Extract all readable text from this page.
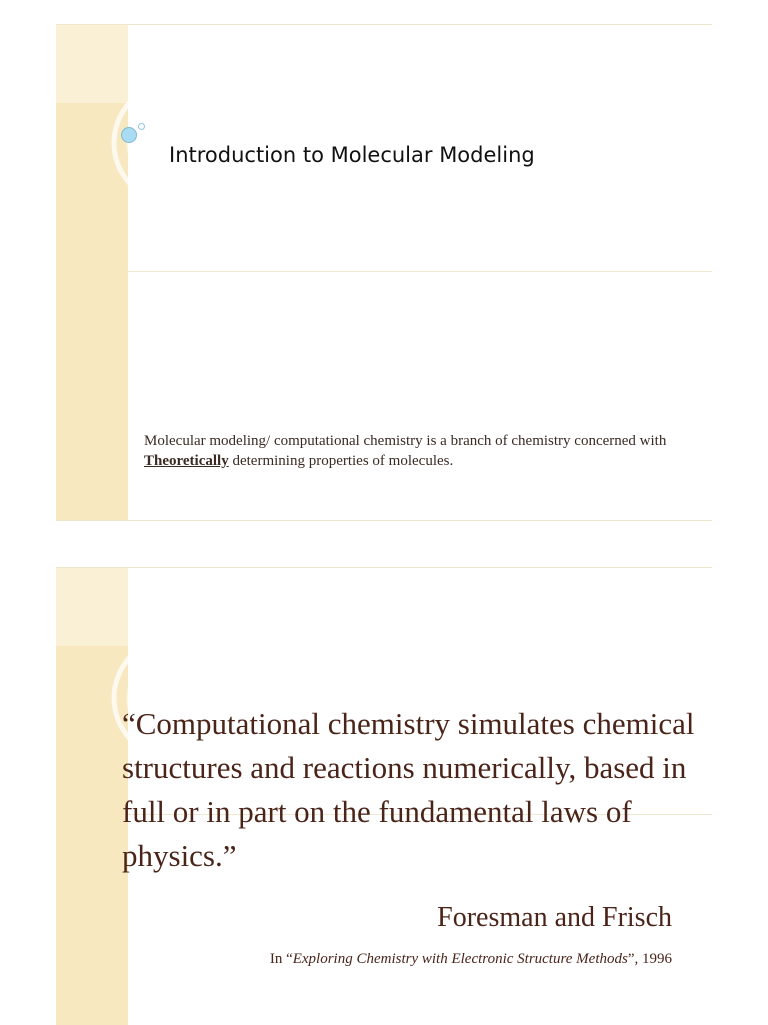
Introduction to Molecular Modeling
Molecular modeling/ computational chemistry is a branch of chemistry concerned with Theoretically determining properties of molecules.
“Computational chemistry simulates chemical structures and reactions numerically, based in full or in part on the fundamental laws of physics.”
Foresman and Frisch
In “Exploring Chemistry with Electronic Structure Methods”, 1996
